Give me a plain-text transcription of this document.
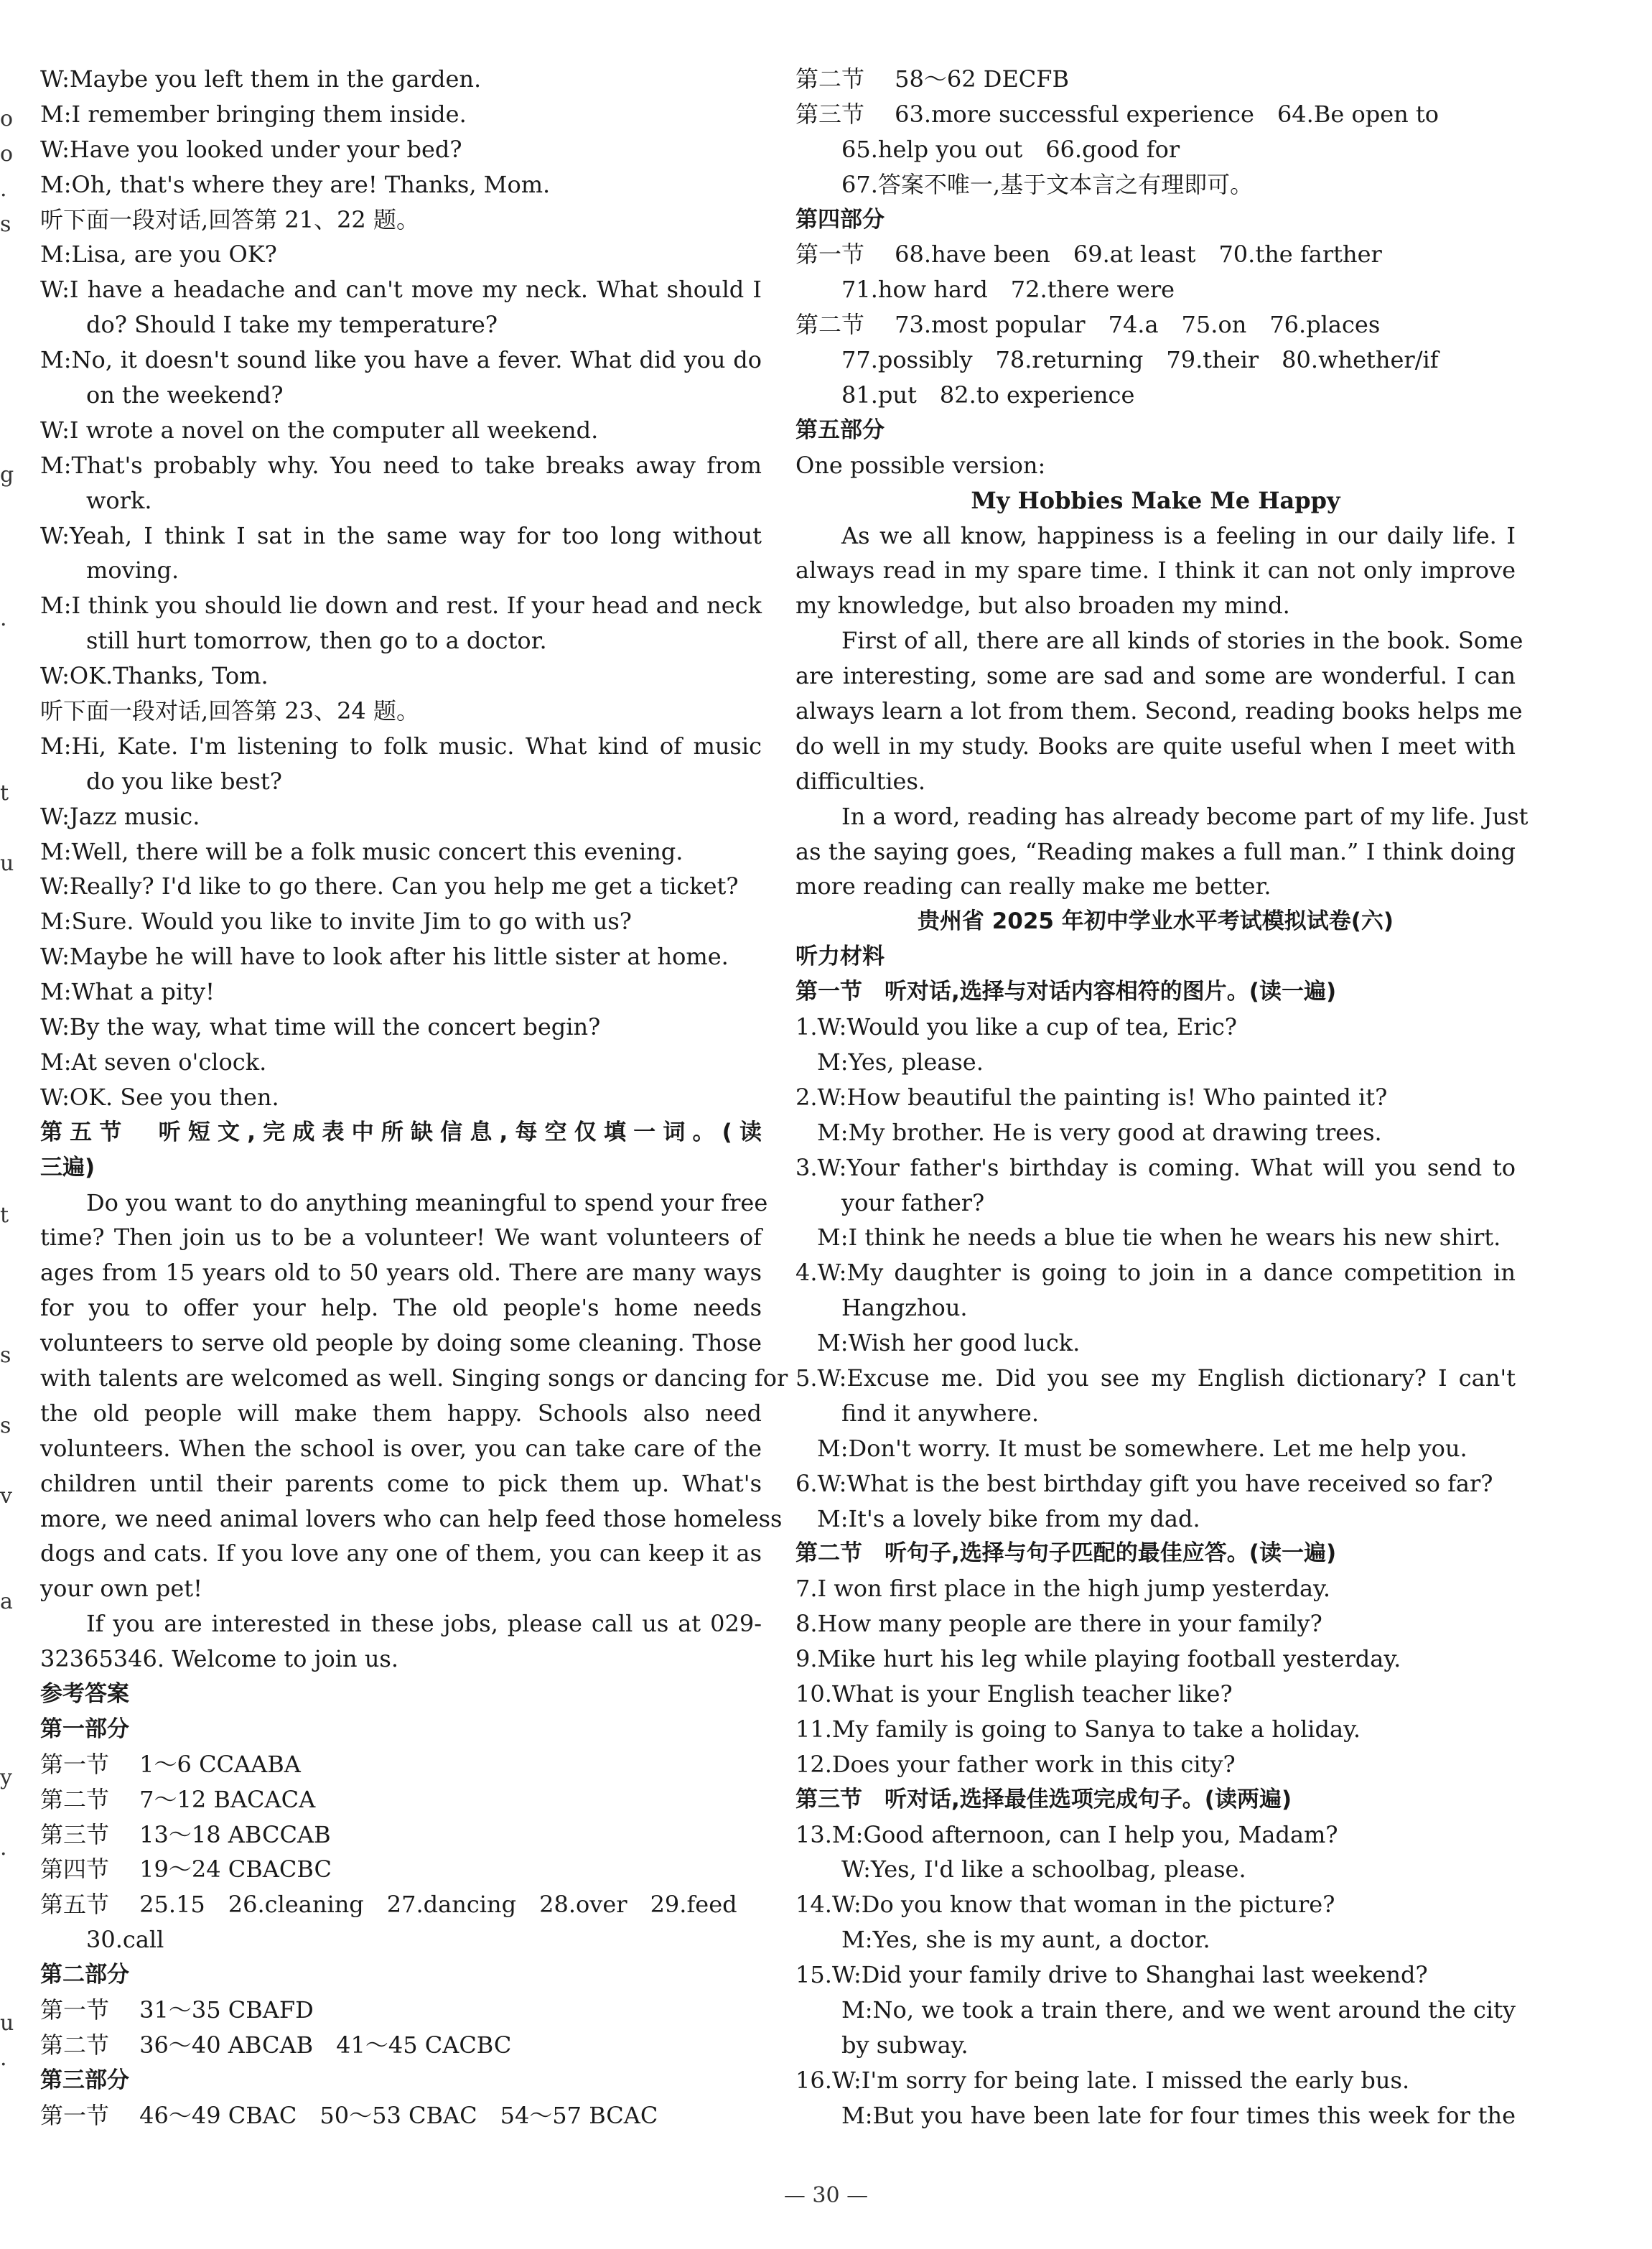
W:Maybe you left them in the garden.
M:I remember bringing them inside.
W:Have you looked under your bed?
M:Oh, that's where they are! Thanks, Mom.
听下面一段对话,回答第 21、22 题。
M:Lisa, are you OK?
W:I have a headache and can't move my neck. What should I
do? Should I take my temperature?
M:No, it doesn't sound like you have a fever. What did you do
on the weekend?
W:I wrote a novel on the computer all weekend.
M:That's probably why. You need to take breaks away from
work.
W:Yeah, I think I sat in the same way for too long without
moving.
M:I think you should lie down and rest. If your head and neck
still hurt tomorrow, then go to a doctor.
W:OK.Thanks, Tom.
听下面一段对话,回答第 23、24 题。
M:Hi, Kate. I'm listening to folk music. What kind of music
do you like best?
W:Jazz music.
M:Well, there will be a folk music concert this evening.
W:Really? I'd like to go there. Can you help me get a ticket?
M:Sure. Would you like to invite Jim to go with us?
W:Maybe he will have to look after his little sister at home.
M:What a pity!
W:By the way, what time will the concert begin?
M:At seven o'clock.
W:OK. See you then.
第五节　听短文,完成表中所缺信息,每空仅填一词。(读
三遍)
Do you want to do anything meaningful to spend your free
time? Then join us to be a volunteer! We want volunteers of
ages from 15 years old to 50 years old. There are many ways
for you to offer your help. The old people's home needs
volunteers to serve old people by doing some cleaning. Those
with talents are welcomed as well. Singing songs or dancing for
the old people will make them happy. Schools also need
volunteers. When the school is over, you can take care of the
children until their parents come to pick them up. What's
more, we need animal lovers who can help feed those homeless
dogs and cats. If you love any one of them, you can keep it as
your own pet!
If you are interested in these jobs, please call us at 029-
32365346. Welcome to join us.
参考答案
第一部分
第一节　 1～6 CCAABA
第二节　 7～12 BACACA
第三节　 13～18 ABCCAB
第四节　 19～24 CBACBC
第五节　 25.15　26.cleaning　27.dancing　28.over　29.feed
30.call
第二部分
第一节　 31～35 CBAFD
第二节　 36～40 ABCAB　41～45 CACBC
第三部分
第一节　 46～49 CBAC　50～53 CBAC　54～57 BCAC
第二节　 58～62 DECFB
第三节　 63.more successful experience　64.Be open to
65.help you out　66.good for
67.答案不唯一,基于文本言之有理即可。
第四部分
第一节　 68.have been　69.at least　70.the farther
71.how hard　72.there were
第二节　 73.most popular　74.a　75.on　76.places
77.possibly　78.returning　79.their　80.whether/if
81.put　82.to experience
第五部分
One possible version:
My Hobbies Make Me Happy
As we all know, happiness is a feeling in our daily life. I
always read in my spare time. I think it can not only improve
my knowledge, but also broaden my mind.
First of all, there are all kinds of stories in the book. Some
are interesting, some are sad and some are wonderful. I can
always learn a lot from them. Second, reading books helps me
do well in my study. Books are quite useful when I meet with
difficulties.
In a word, reading has already become part of my life. Just
as the saying goes, “Reading makes a full man.” I think doing
more reading can really make me better.
贵州省 2025 年初中学业水平考试模拟试卷(六)
听力材料
第一节　听对话,选择与对话内容相符的图片。(读一遍)
1.W:Would you like a cup of tea, Eric?
M:Yes, please.
2.W:How beautiful the painting is! Who painted it?
M:My brother. He is very good at drawing trees.
3.W:Your father's birthday is coming. What will you send to
your father?
M:I think he needs a blue tie when he wears his new shirt.
4.W:My daughter is going to join in a dance competition in
Hangzhou.
M:Wish her good luck.
5.W:Excuse me. Did you see my English dictionary? I can't
find it anywhere.
M:Don't worry. It must be somewhere. Let me help you.
6.W:What is the best birthday gift you have received so far?
M:It's a lovely bike from my dad.
第二节　听句子,选择与句子匹配的最佳应答。(读一遍)
7.I won first place in the high jump yesterday.
8.How many people are there in your family?
9.Mike hurt his leg while playing football yesterday.
10.What is your English teacher like?
11.My family is going to Sanya to take a holiday.
12.Does your father work in this city?
第三节　听对话,选择最佳选项完成句子。(读两遍)
13.M:Good afternoon, can I help you, Madam?
W:Yes, I'd like a schoolbag, please.
14.W:Do you know that woman in the picture?
M:Yes, she is my aunt, a doctor.
15.W:Did your family drive to Shanghai last weekend?
M:No, we took a train there, and we went around the city
by subway.
16.W:I'm sorry for being late. I missed the early bus.
M:But you have been late for four times this week for the
o
o
.
s
g
.
t
u
t
s
s
v
a
y
.
u
.
— 30 —
